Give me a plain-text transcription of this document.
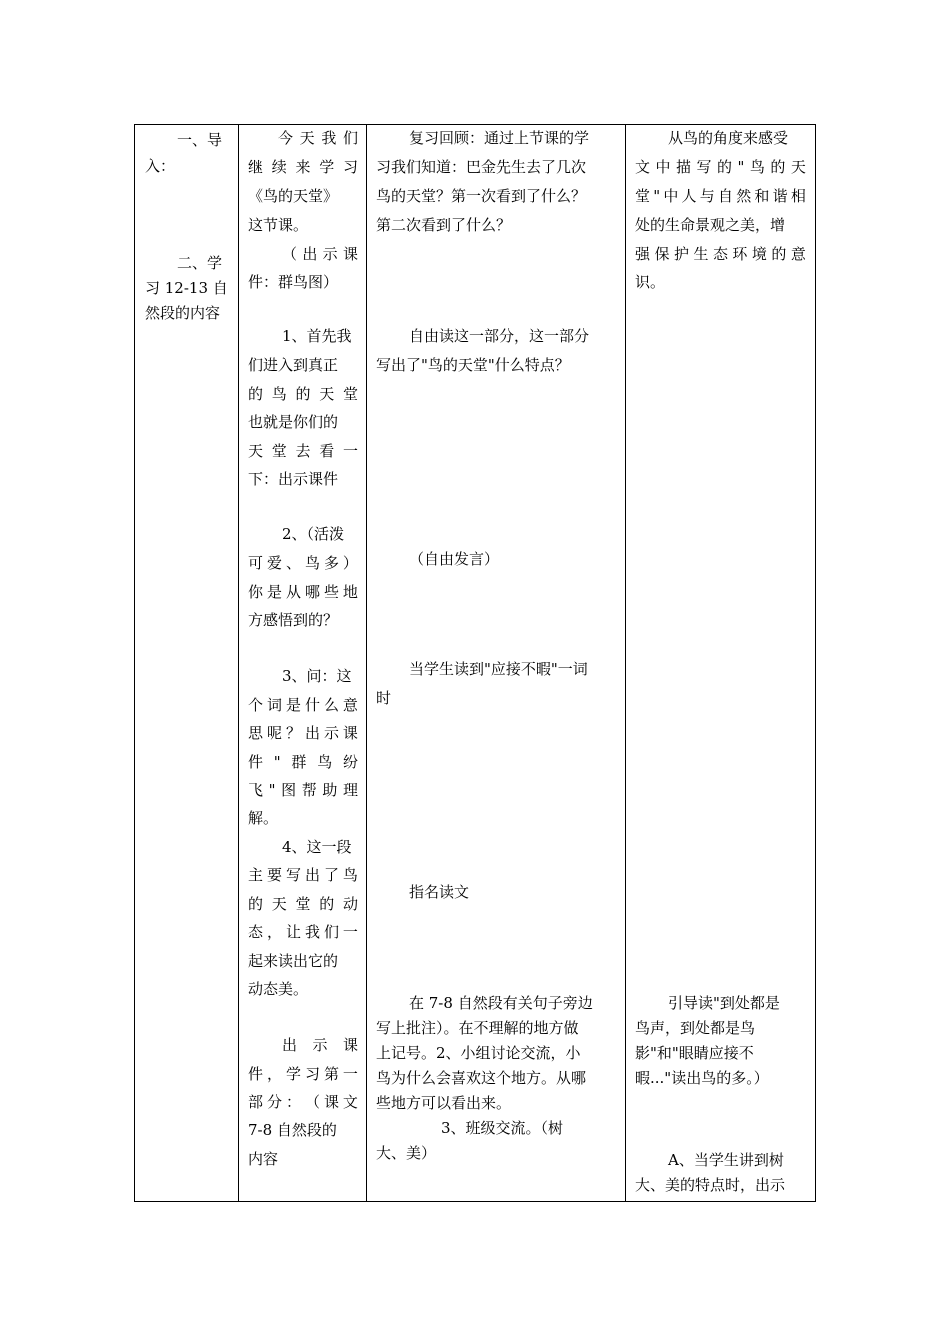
一、导
入：
二、学
习 12-13 自
然段的内容
今 天 我 们
继 续 来 学 习
《鸟的天堂》
这节课。
（ 出 示 课
件：群鸟图）
1、首先我
们进入到真正
的 鸟 的 天 堂
也就是你们的
天 堂 去 看 一
下：出示课件
2、（活泼
可 爱 、 鸟 多 ）
你 是 从 哪 些 地
方感悟到的？
3、问：这
个 词 是 什 么 意
思 呢 ？ 出 示 课
件 " 群 鸟 纷
飞 " 图 帮 助 理
解。
4、这一段
主 要 写 出 了 鸟
的 天 堂 的 动
态 ， 让 我 们 一
起来读出它的
动态美。
出 示 课
件 ， 学 习 第 一
部 分 ： （ 课 文
7-8 自然段的
内容
复习回顾：通过上节课的学
习我们知道：巴金先生去了几次
鸟的天堂？第一次看到了什么？
第二次看到了什么？
自由读这一部分，这一部分
写出了"鸟的天堂"什么特点？
（自由发言）
当学生读到"应接不暇"一词
时
指名读文
在 7-8 自然段有关句子旁边
写上批注）。在不理解的地方做
上记号。2、小组讨论交流，小
鸟为什么会喜欢这个地方。从哪
些地方可以看出来。
3、班级交流。（树
大、美）
从鸟的角度来感受
文 中 描 写 的 " 鸟 的 天
堂 " 中 人 与 自 然 和 谐 相
处的生命景观之美，增
强 保 护 生 态 环 境 的 意
识。
引导读"到处都是
鸟声，到处都是鸟
影"和"眼睛应接不
暇..."读出鸟的多。）
A、当学生讲到树
大、美的特点时，出示
